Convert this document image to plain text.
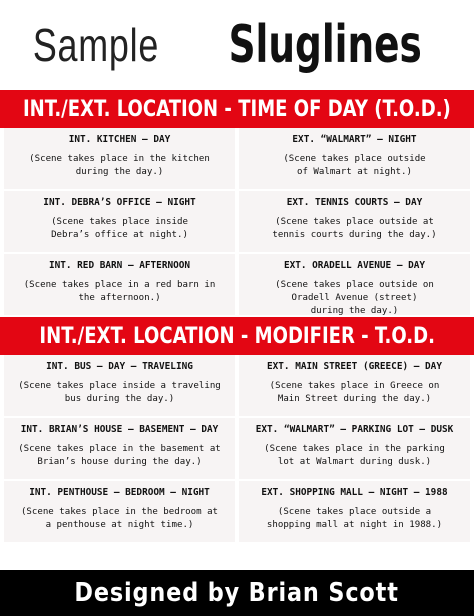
Sample Sluglines
INT./EXT. LOCATION - TIME OF DAY (T.O.D.)
INT. KITCHEN – DAY
(Scene takes place in the kitchen
during the day.)
EXT. “WALMART” – NIGHT
(Scene takes place outside
of Walmart at night.)
INT. DEBRA’S OFFICE – NIGHT
(Scene takes place inside
Debra’s office at night.)
EXT. TENNIS COURTS – DAY
(Scene takes place outside at
tennis courts during the day.)
INT. RED BARN – AFTERNOON
(Scene takes place in a red barn in
the afternoon.)
EXT. ORADELL AVENUE – DAY
(Scene takes place outside on
Oradell Avenue (street)
during the day.)
INT./EXT. LOCATION - MODIFIER - T.O.D.
INT. BUS – DAY – TRAVELING
(Scene takes place inside a traveling
bus during the day.)
EXT. MAIN STREET (GREECE) – DAY
(Scene takes place in Greece on
Main Street during the day.)
INT. BRIAN’S HOUSE – BASEMENT – DAY
(Scene takes place in the basement at
Brian’s house during the day.)
EXT. “WALMART” – PARKING LOT – DUSK
(Scene takes place in the parking
lot at Walmart during dusk.)
INT. PENTHOUSE – BEDROOM – NIGHT
(Scene takes place in the bedroom at
a penthouse at night time.)
EXT. SHOPPING MALL – NIGHT – 1988
(Scene takes place outside a
shopping mall at night in 1988.)
Designed by Brian Scott
